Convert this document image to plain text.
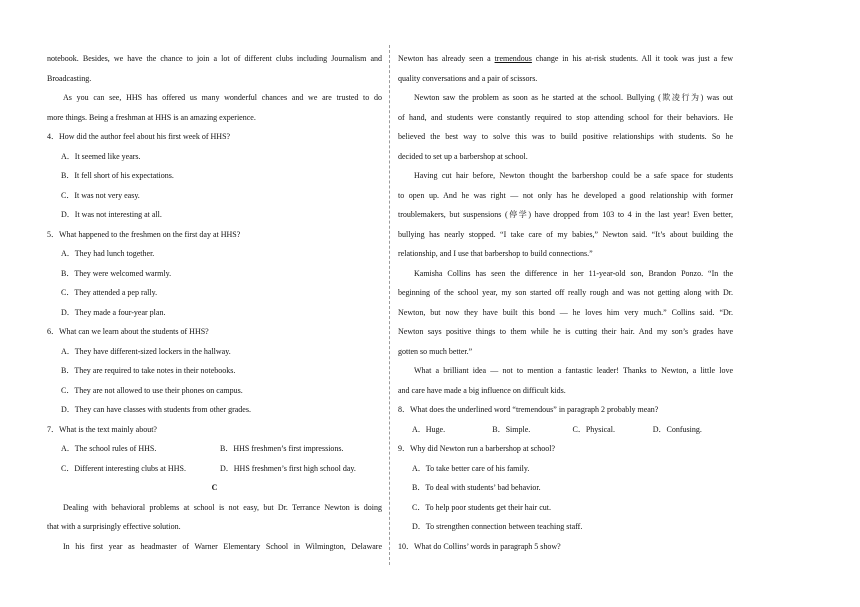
notebook. Besides, we have the chance to join a lot of different clubs including Journalism and
Broadcasting.
As you can see, HHS has offered us many wonderful chances and we are trusted to do
more things. Being a freshman at HHS is an amazing experience.
4．How did the author feel about his first week of HHS?
A．It seemed like years.
B．It fell short of his expectations.
C．It was not very easy.
D．It was not interesting at all.
5．What happened to the freshmen on the first day at HHS?
A．They had lunch together.
B．They were welcomed warmly.
C．They attended a pep rally.
D．They made a four-year plan.
6．What can we learn about the students of HHS?
A．They have different-sized lockers in the hallway.
B．They are required to take notes in their notebooks.
C．They are not allowed to use their phones on campus.
D．They can have classes with students from other grades.
7．What is the text mainly about?
A．The school rules of HHS.	B．HHS freshmen’s first impressions.
C．Different interesting clubs at HHS.	D．HHS freshmen’s first high school day.
C
Dealing with behavioral problems at school is not easy, but Dr. Terrance Newton is doing
that with a surprisingly effective solution.
In his first year as headmaster of Warner Elementary School in Wilmington, Delaware
Newton has already seen a tremendous change in his at-risk students. All it took was just a few
quality conversations and a pair of scissors.
Newton saw the problem as soon as he started at the school. Bullying (欺凌行为) was out
of hand, and students were constantly required to stop attending school for their behaviors. He
believed the best way to solve this was to build positive relationships with students. So he
decided to set up a barbershop at school.
Having cut hair before, Newton thought the barbershop could be a safe space for students
to open up. And he was right — not only has he developed a good relationship with former
troublemakers, but suspensions (停学) have dropped from 103 to 4 in the last year! Even better,
bullying has nearly stopped. “I take care of my babies,” Newton said. “It’s about building the
relationship, and I use that barbershop to build connections.”
Kamisha Collins has seen the difference in her 11-year-old son, Brandon Ponzo. “In the
beginning of the school year, my son started off really rough and was not getting along with Dr.
Newton, but now they have built this bond — he loves him very much.” Collins said. “Dr.
Newton says positive things to them while he is cutting their hair. And my son’s grades have
gotten so much better.”
What a brilliant idea — not to mention a fantastic leader! Thanks to Newton, a little love
and care have made a big influence on difficult kids.
8．What does the underlined word “tremendous” in paragraph 2 probably mean?
A．Huge.	B．Simple.	C．Physical.	D．Confusing.
9．Why did Newton run a barbershop at school?
A．To take better care of his family.
B．To deal with students’ bad behavior.
C．To help poor students get their hair cut.
D．To strengthen connection between teaching staff.
10．What do Collins’ words in paragraph 5 show?
